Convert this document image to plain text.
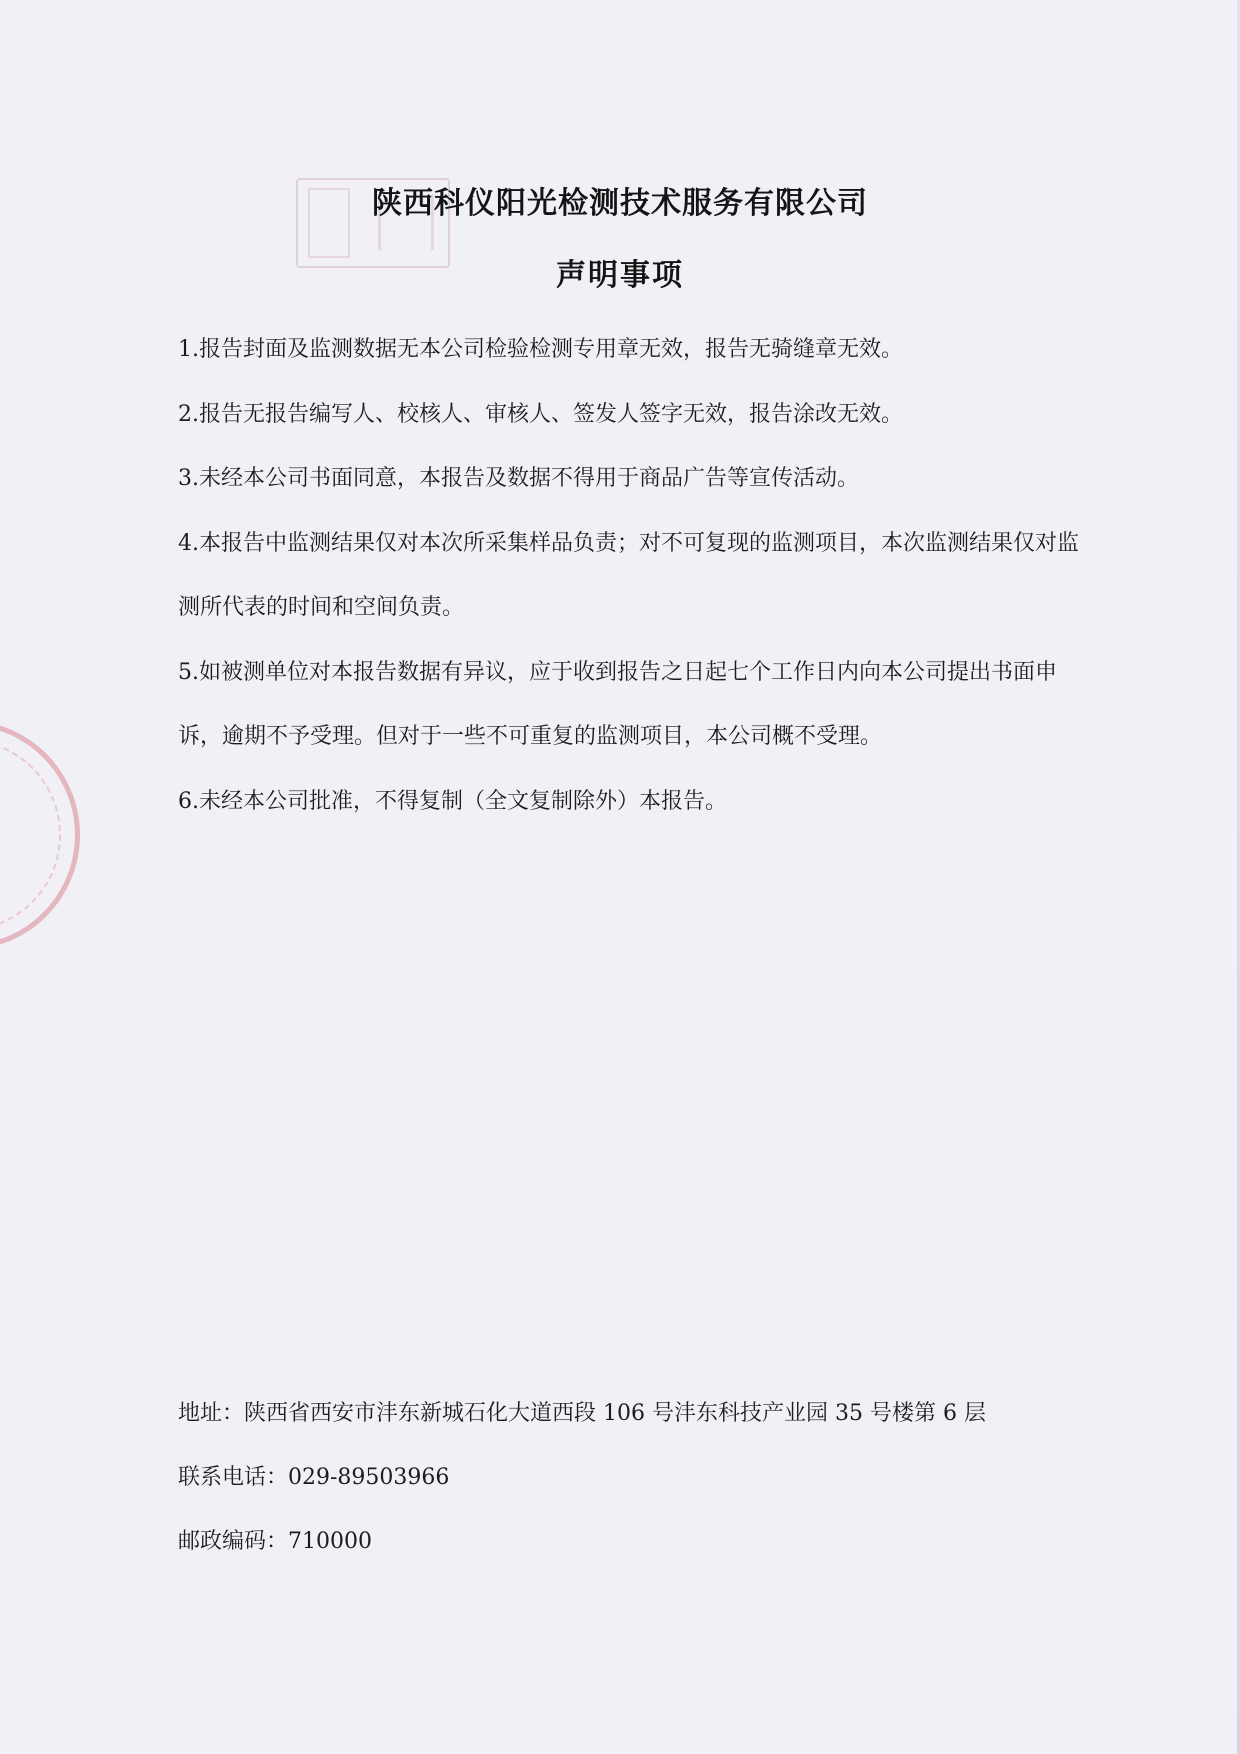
陕西科仪阳光检测技术服务有限公司
声明事项
1.报告封面及监测数据无本公司检验检测专用章无效，报告无骑缝章无效。
2.报告无报告编写人、校核人、审核人、签发人签字无效，报告涂改无效。
3.未经本公司书面同意，本报告及数据不得用于商品广告等宣传活动。
4.本报告中监测结果仅对本次所采集样品负责；对不可复现的监测项目，本次监测结果仅对监测所代表的时间和空间负责。
5.如被测单位对本报告数据有异议，应于收到报告之日起七个工作日内向本公司提出书面申诉，逾期不予受理。但对于一些不可重复的监测项目，本公司概不受理。
6.未经本公司批准，不得复制（全文复制除外）本报告。

地址：陕西省西安市沣东新城石化大道西段 106 号沣东科技产业园 35 号楼第 6 层

联系电话：029-89503966

邮政编码：710000
